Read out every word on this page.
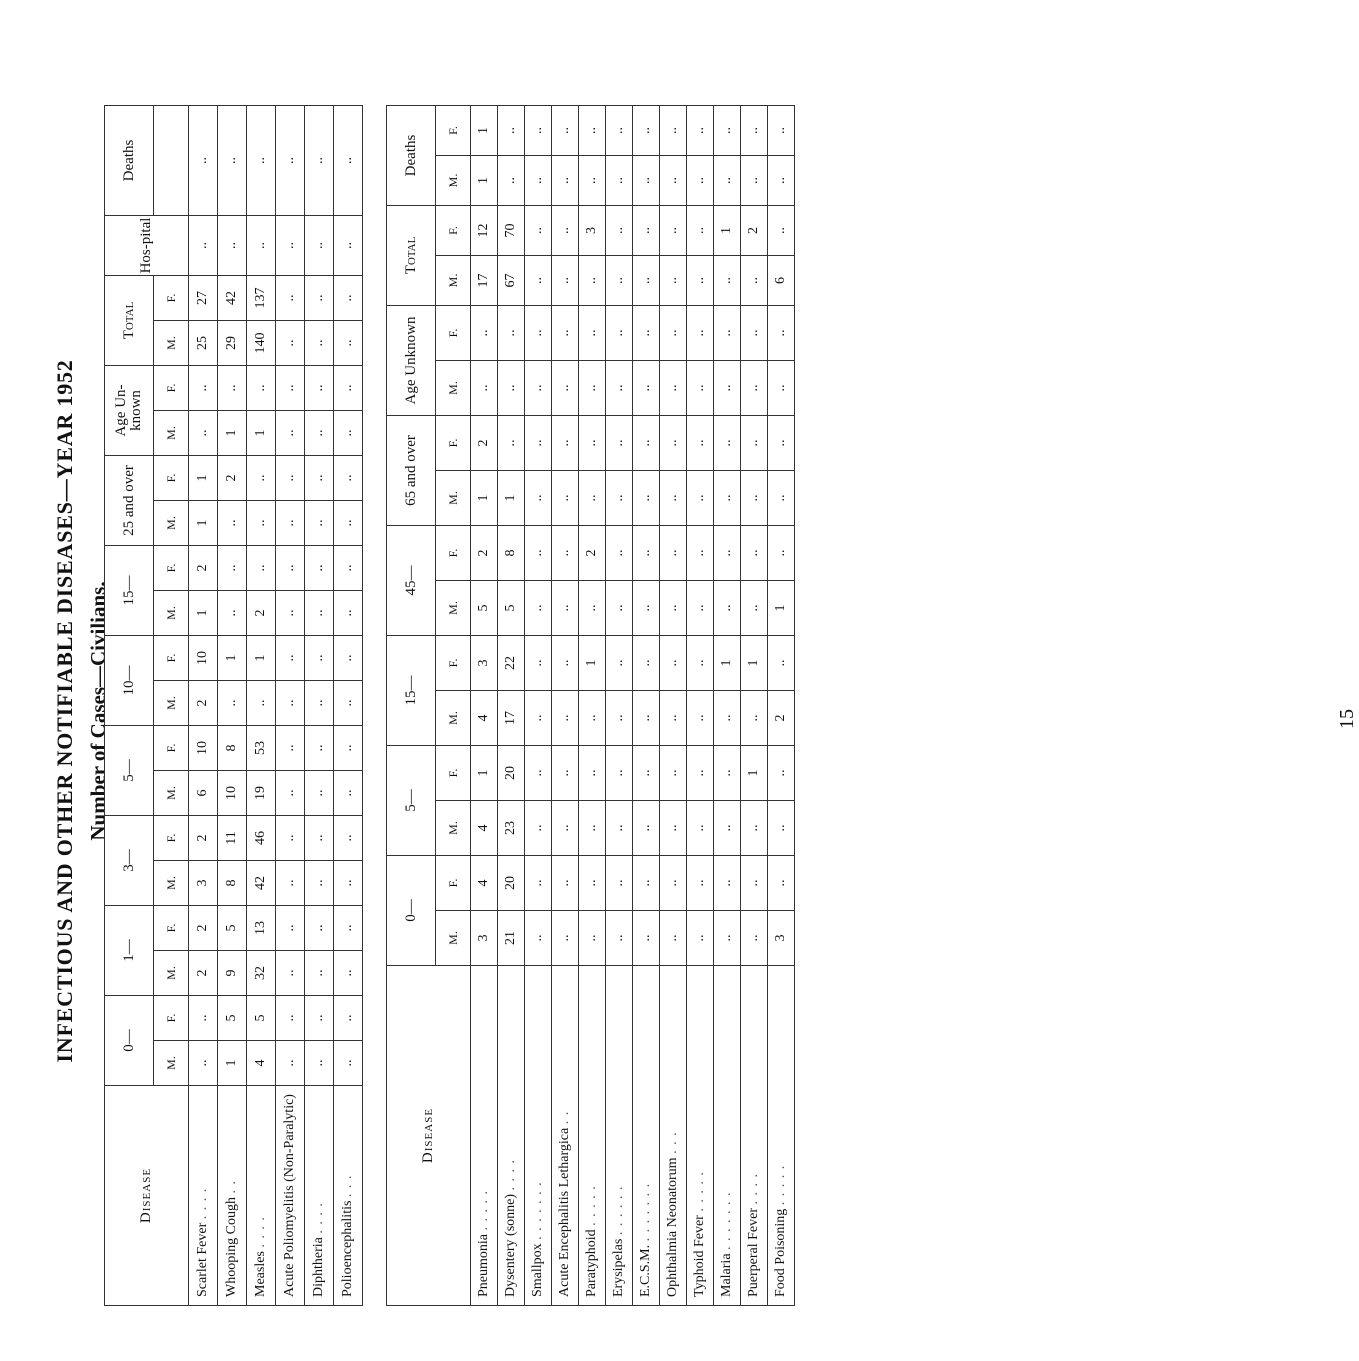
INFECTIOUS AND OTHER NOTIFIABLE DISEASES—YEAR 1952 Number of Cases—Civilians.
Disease	0—		1—		3—		5—		10—		15—		25 and over		Age Un-known		Total		Hos-pital	Deaths
	M.	F.	M.	F.	M.	F.	M.	F.	M.	F.	M.	F.	M.	F.	M.	F.	M.	F.		
Scarlet Fever . . . .	..	..	2	2	3	2	6	10	2	10	1	2	1	1	..	..	25	27	..	..
Whooping Cough . .	1	5	9	5	8	11	10	8	..	1	..	..	..	2	1	..	29	42	..	..
Measles . . . .	4	5	32	13	42	46	19	53	..	1	2	..	..	..	1	..	140	137	..	..
Acute Poliomyelitis (Non-Paralytic)	..	..	..	..	..	..	..	..	..	..	..	..	..	..	..	..	..	..	..	..
Diphtheria . . . .	..	..	..	..	..	..	..	..	..	..	..	..	..	..	..	..	..	..	..	..
Polioencephalitis . . .	..	..	..	..	..	..	..	..	..	..	..	..	..	..	..	..	..	..	..	..
Disease	0—		5—		15—		45—		65 and over		Age Unknown		Total		Deaths	
	M.	F.	M.	F.	M.	F.	M.	F.	M.	F.	M.	F.	M.	F.	M.	F.
Pneumonia . . . . .	3	4	4	1	4	3	5	2	1	2	..	..	17	12	1	1
Dysentery (sonne) . . . .	21	20	23	20	17	22	5	8	1	..	..	..	67	70	..	..
Smallpox . . . . . . .	..	..	..	..	..	..	..	..	..	..	..	..	..	..	..	..
Acute Encephalitis Lethargica . .	..	..	..	..	..	..	..	..	..	..	..	..	..	..	..	..
Paratyphoid . . . . .	..	..	..	..	..	1	..	2	..	..	..	..	..	3	..	..
Erysipelas . . . . . .	..	..	..	..	..	..	..	..	..	..	..	..	..	..	..	..
E.C.S.M. . . . . . . .	..	..	..	..	..	..	..	..	..	..	..	..	..	..	..	..
Ophthalmia Neonatorum . . .	..	..	..	..	..	..	..	..	..	..	..	..	..	..	..	..
Typhoid Fever . . . . .	..	..	..	..	..	..	..	..	..	..	..	..	..	..	..	..
Malaria . . . . . . .	..	..	..	..	..	1	..	..	..	..	..	..	..	1	..	..
Puerperal Fever . . . .	..	..	..	1	..	1	..	..	..	..	..	..	..	2	..	..
Food Poisoning . . . . .	3	..	..	..	2	..	1	..	..	..	..	..	6	..	..	..
15
